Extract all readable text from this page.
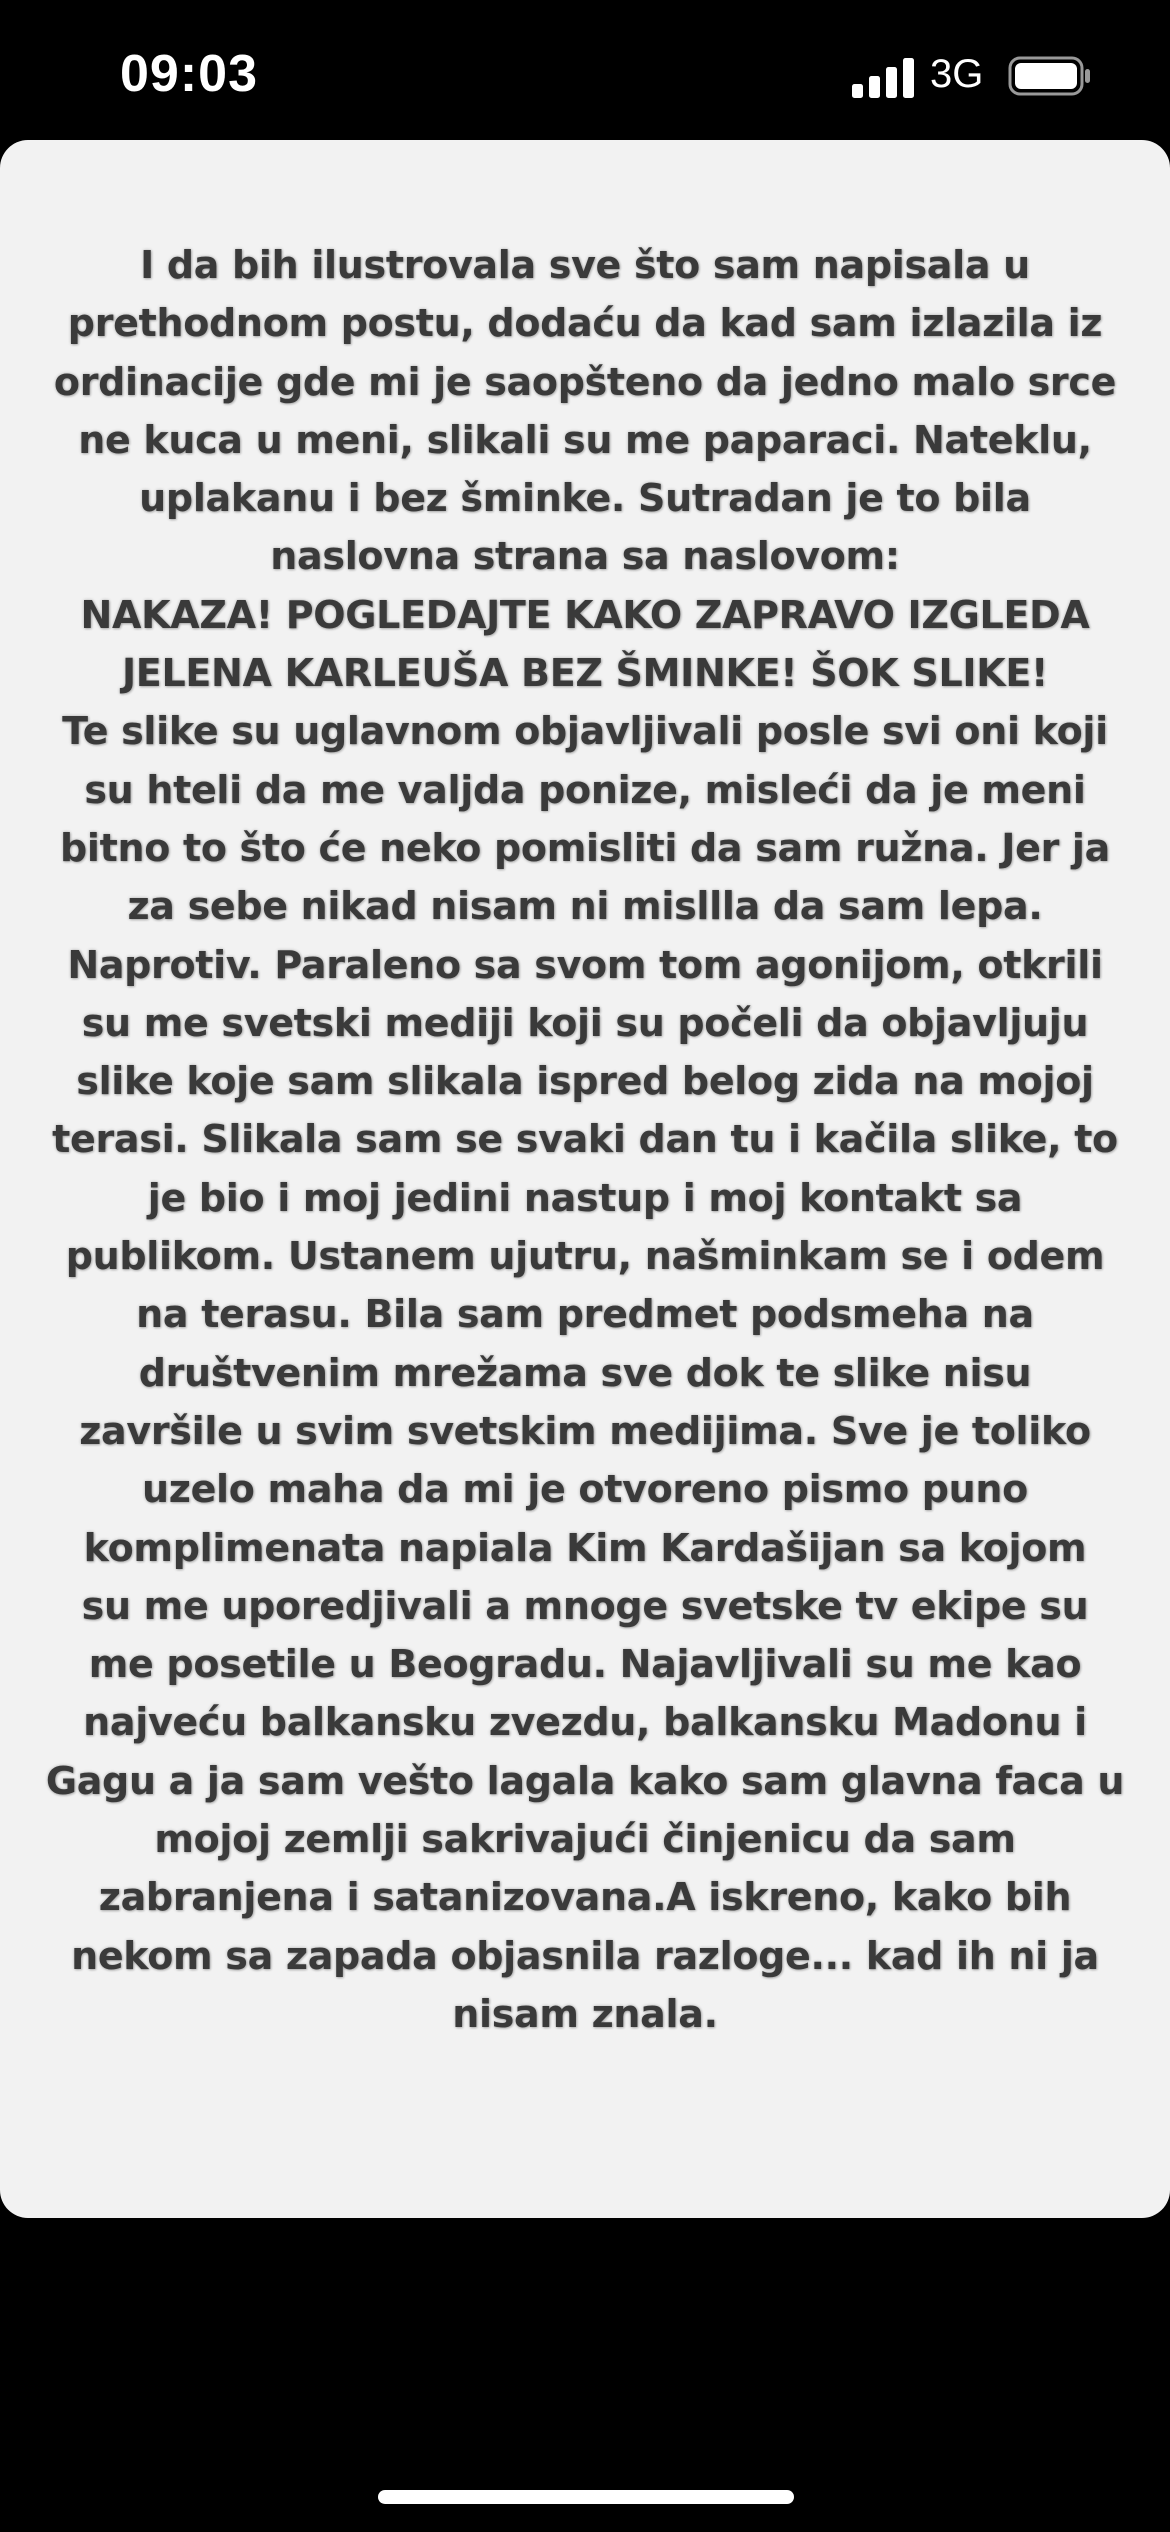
09:03	3G
I da bih ilustrovala sve što sam napisala u
prethodnom postu, dodaću da kad sam izlazila iz
ordinacije gde mi je saopšteno da jedno malo srce
ne kuca u meni, slikali su me paparaci. Nateklu,
uplakanu i bez šminke. Sutradan je to bila
naslovna strana sa naslovom:
NAKAZA! POGLEDAJTE KAKO ZAPRAVO IZGLEDA
JELENA KARLEUŠA BEZ ŠMINKE! ŠOK SLIKE!
Te slike su uglavnom objavljivali posle svi oni koji
su hteli da me valjda ponize, misleći da je meni
bitno to što će neko pomisliti da sam ružna. Jer ja
za sebe nikad nisam ni misllla da sam lepa.
Naprotiv. Paraleno sa svom tom agonijom, otkrili
su me svetski mediji koji su počeli da objavljuju
slike koje sam slikala ispred belog zida na mojoj
terasi. Slikala sam se svaki dan tu i kačila slike, to
je bio i moj jedini nastup i moj kontakt sa
publikom. Ustanem ujutru, našminkam se i odem
na terasu. Bila sam predmet podsmeha na
društvenim mrežama sve dok te slike nisu
završile u svim svetskim medijima. Sve je toliko
uzelo maha da mi je otvoreno pismo puno
komplimenata napiala Kim Kardašijan sa kojom
su me uporedjivali a mnoge svetske tv ekipe su
me posetile u Beogradu. Najavljivali su me kao
najveću balkansku zvezdu, balkansku Madonu i
Gagu a ja sam vešto lagala kako sam glavna faca u
mojoj zemlji sakrivajući činjenicu da sam
zabranjena i satanizovana.A iskreno, kako bih
nekom sa zapada objasnila razloge... kad ih ni ja
nisam znala.
